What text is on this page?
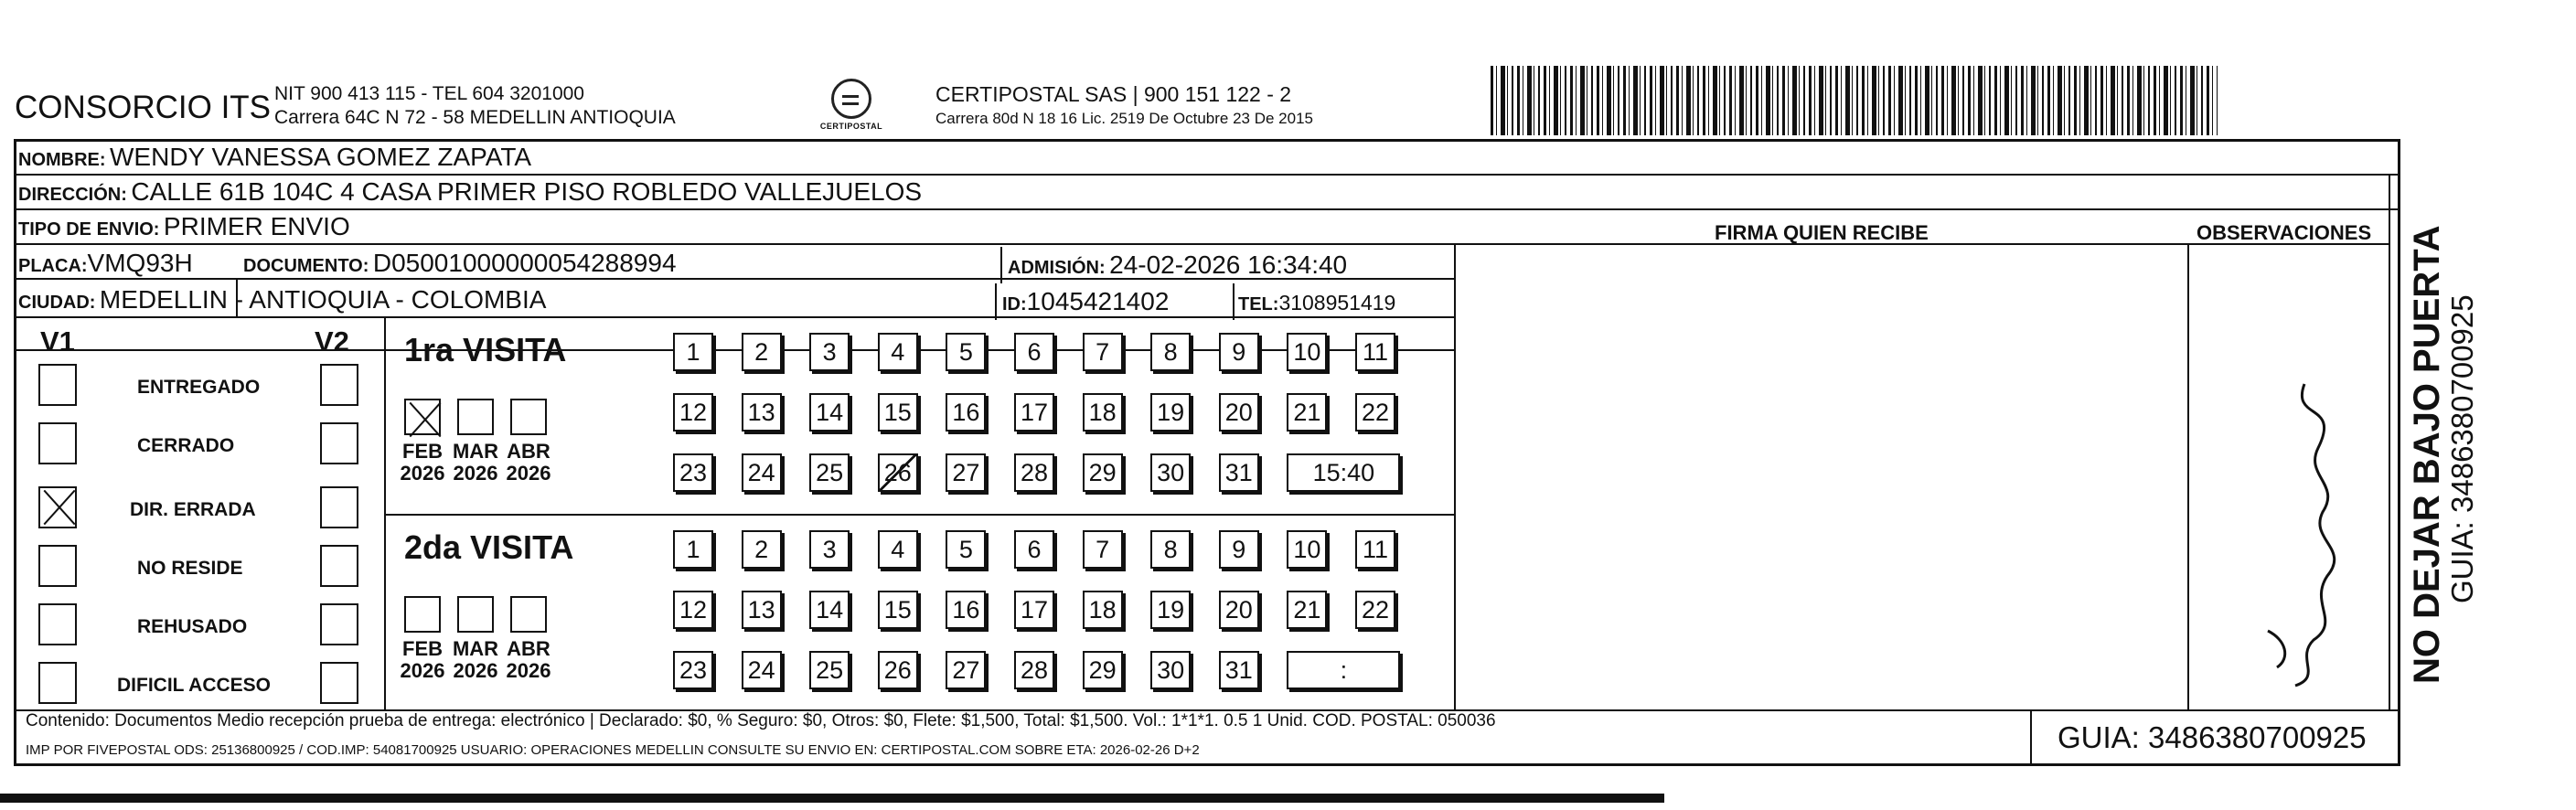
CONSORCIO ITS NIT 900 413 115 - TEL 604 3201000
Carrera 64C N 72 - 58 MEDELLIN ANTIOQUIA	CERTIPOSTAL
CERTIPOSTAL SAS | 900 151 122 - 2
Carrera 80d N 18 16 Lic. 2519 De Octubre 23 De 2015
NOMBRE: WENDY VANESSA GOMEZ ZAPATA
DIRECCIÓN: CALLE 61B 104C 4 CASA PRIMER PISO ROBLEDO VALLEJUELOS
TIPO DE ENVIO: PRIMER ENVIO
PLACA:VMQ93H	DOCUMENTO: D05001000000054288994	ADMISIÓN: 24-02-2026 16:34:40
CIUDAD: MEDELLIN - ANTIOQUIA - COLOMBIA	ID:1045421402	TEL:3108951419
FIRMA QUIEN RECIBE	OBSERVACIONES
V1	V2
ENTREGADO
CERRADO
DIR. ERRADA
NO RESIDE
REHUSADO
DIFICIL ACCESO
1ra VISITA
FEB
2026
MAR
2026
ABR
2026
1	2	3	4	5	6	7	8	9	10 11
12 13 14 15 16 17 18 19 20 21 22
23 24 25 26 27 28 29 30 31	15:40
2da VISITA
FEB
2026
MAR
2026
ABR
2026
1	2	3	4	5	6	7	8	9	10 11
12 13 14 15 16 17 18 19 20 21 22
23 24 25 26 27 28 29 30 31	:
Contenido: Documentos Medio recepción prueba de entrega: electrónico | Declarado: $0, % Seguro: $0, Otros: $0, Flete: $1,500, Total: $1,500. Vol.: 1*1*1. 0.5 1 Unid. COD. POSTAL: 050036
IMP POR FIVEPOSTAL ODS: 25136800925 / COD.IMP: 54081700925 USUARIO: OPERACIONES MEDELLIN CONSULTE SU ENVIO EN: CERTIPOSTAL.COM SOBRE ETA: 2026-02-26 D+2	GUIA: 3486380700925
NO DEJAR BAJO PUERTA
GUIA: 3486380700925
